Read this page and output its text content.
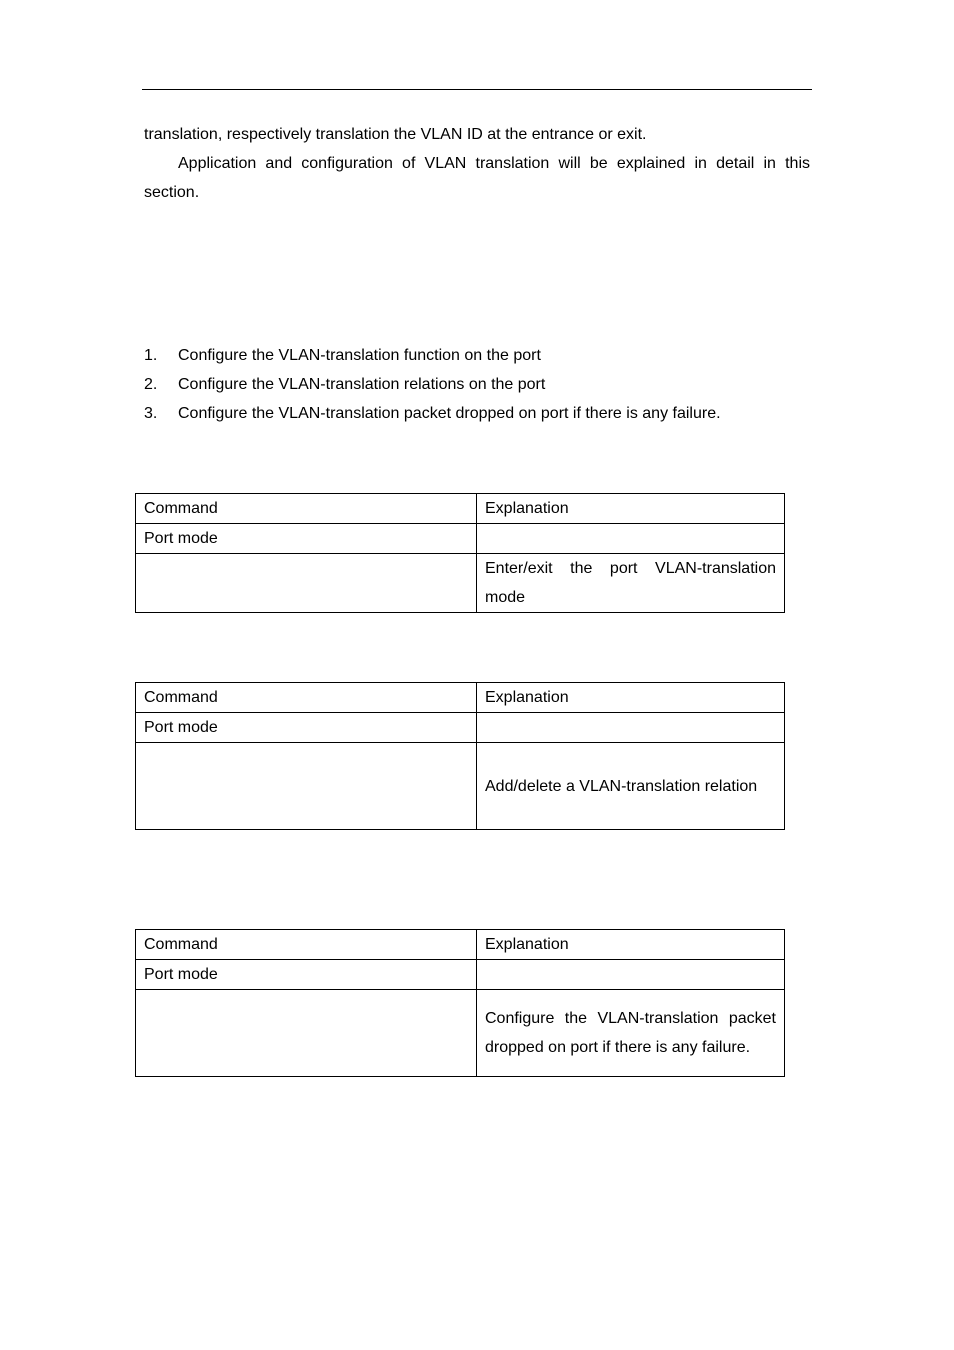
translation, respectively translation the VLAN ID at the entrance or exit.

Application and configuration of VLAN translation will be explained in detail in this section.

1. Configure the VLAN-translation function on the port
2. Configure the VLAN-translation relations on the port
3. Configure the VLAN-translation packet dropped on port if there is any failure.
Command	Explanation
Port mode	
	Enter/exit the port VLAN-translation mode
Command	Explanation
Port mode	
	Add/delete a VLAN-translation relation
Command	Explanation
Port mode	
	Configure the VLAN-translation packet dropped on port if there is any failure.
